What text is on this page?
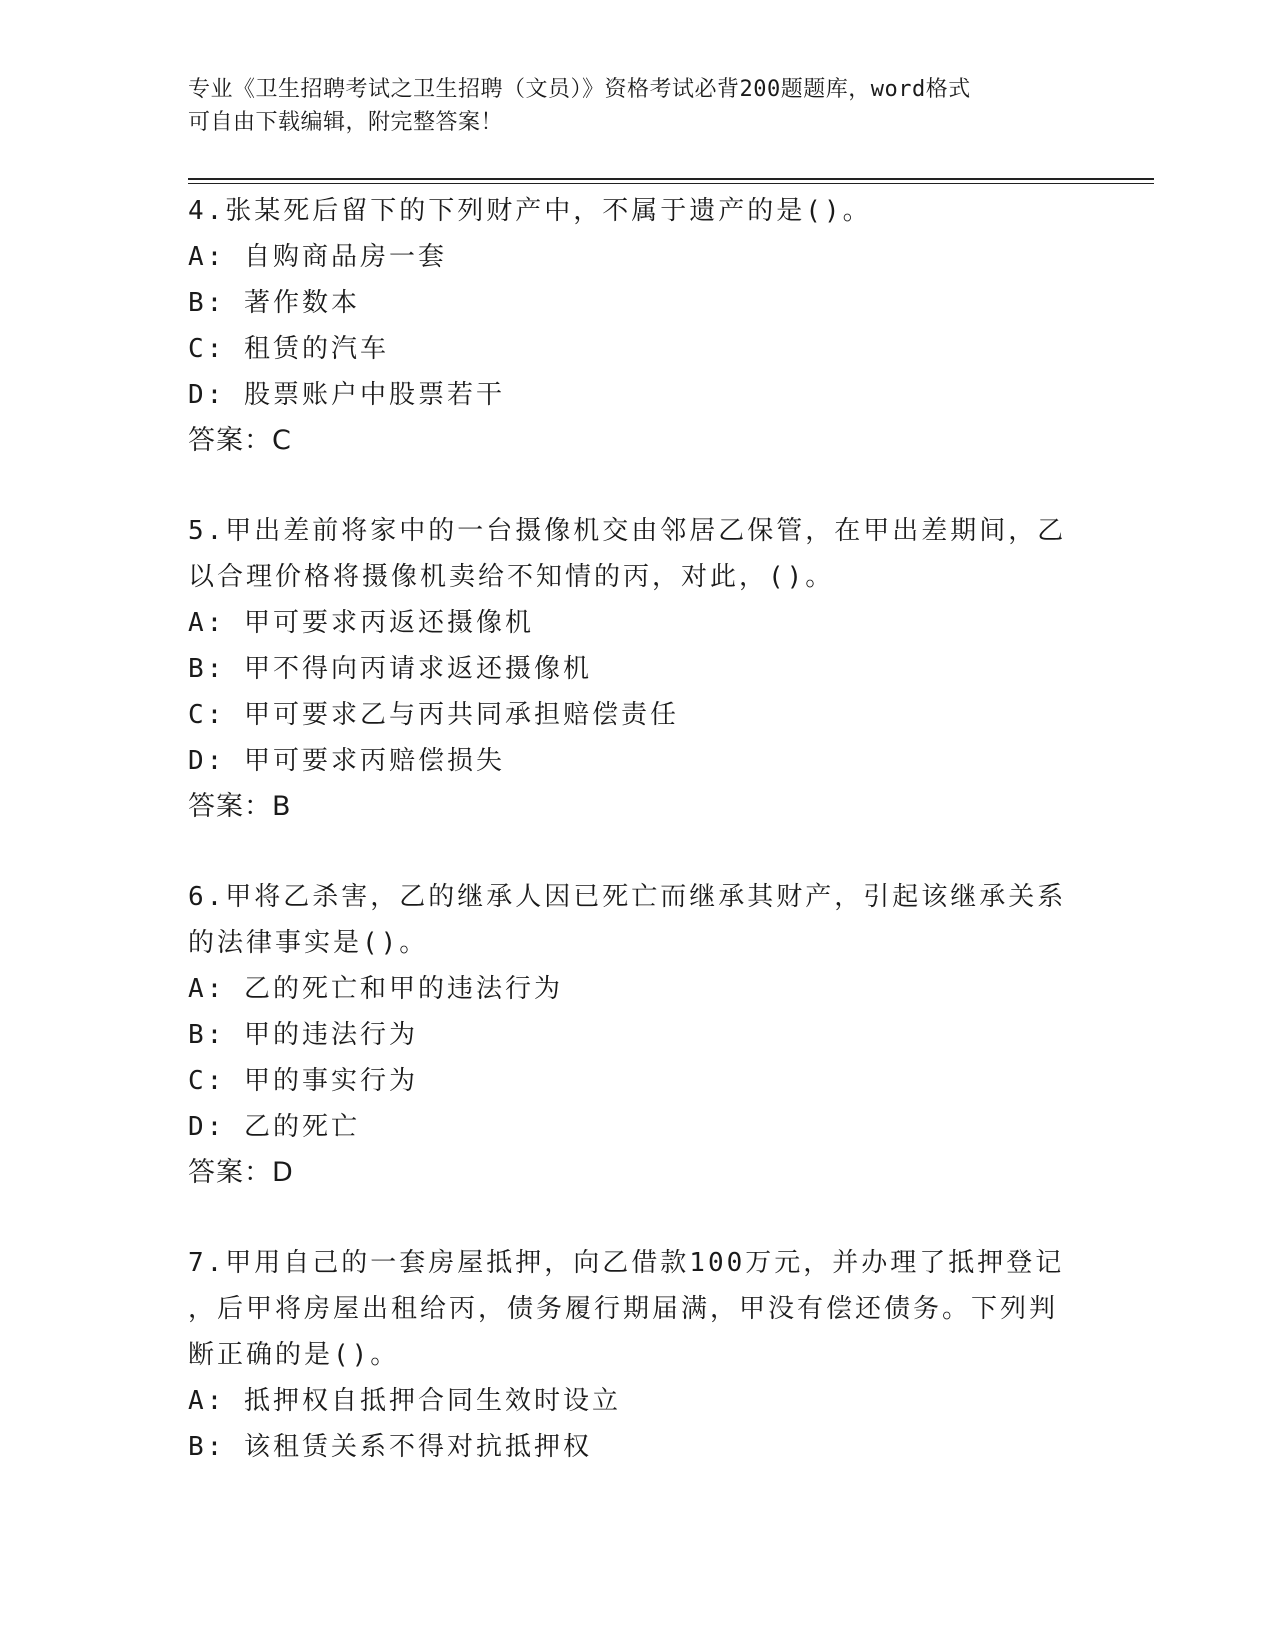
专业《卫生招聘考试之卫生招聘（文员）》资格考试必背200题题库，word格式
可自由下载编辑，附完整答案！
4.张某死后留下的下列财产中，不属于遗产的是()。
A: 自购商品房一套
B: 著作数本
C: 租赁的汽车
D: 股票账户中股票若干
答案：C
5.甲出差前将家中的一台摄像机交由邻居乙保管，在甲出差期间，乙
以合理价格将摄像机卖给不知情的丙，对此，()。
A: 甲可要求丙返还摄像机
B: 甲不得向丙请求返还摄像机
C: 甲可要求乙与丙共同承担赔偿责任
D: 甲可要求丙赔偿损失
答案：B
6.甲将乙杀害，乙的继承人因已死亡而继承其财产，引起该继承关系
的法律事实是()。
A: 乙的死亡和甲的违法行为
B: 甲的违法行为
C: 甲的事实行为
D: 乙的死亡
答案：D
7.甲用自己的一套房屋抵押，向乙借款100万元，并办理了抵押登记
，后甲将房屋出租给丙，债务履行期届满，甲没有偿还债务。下列判
断正确的是()。
A: 抵押权自抵押合同生效时设立
B: 该租赁关系不得对抗抵押权
